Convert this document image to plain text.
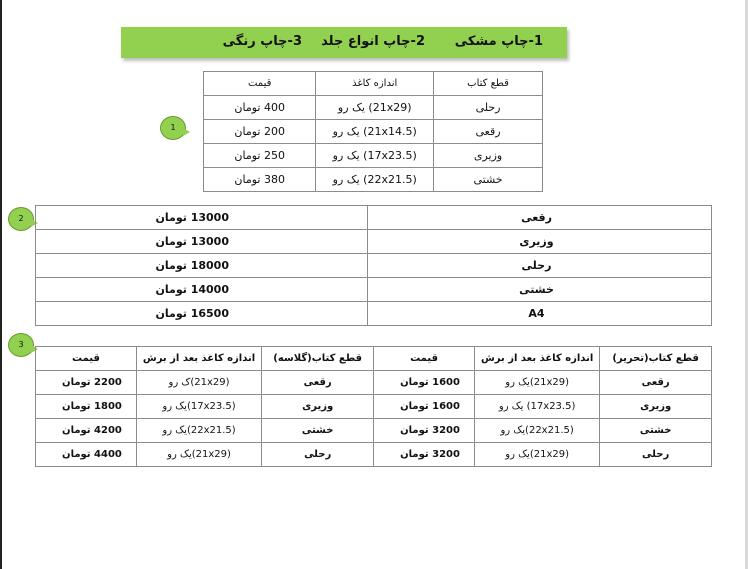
1-چاپ مشکی
2-چاپ انواع جلد
3-چاپ رنگی
1
2
3
قطع کتاب	اندازه کاغذ	قیمت
رحلی	(21x29) یک رو	400 تومان
رقعی	(21x14.5) یک رو	200 تومان
وزیری	(17x23.5) یک رو	250 تومان
خشتی	(22x21.5) یک رو	380 تومان
رقعی	13000 تومان
وزیری	13000 تومان
رحلی	18000 تومان
خشتی	14000 تومان
A4	16500 تومان
قطع کتاب(تحریر)	اندازه کاغذ بعد از برش	قیمت	قطع کتاب(گلاسه)	اندازه کاغذ بعد از برش	قیمت
رقعی	(21x29)یک رو	1600 تومان	رقعی	(21x29)ک رو	2200 تومان
وزیری	(17x23.5) یک رو	1600 تومان	وزیری	(17x23.5)یک رو	1800 تومان
خشتی	(22x21.5)یک رو	3200 تومان	خشتی	(22x21.5)یک رو	4200 تومان
رحلی	(21x29)یک رو	3200 تومان	رحلی	(21x29)یک رو	4400 تومان
